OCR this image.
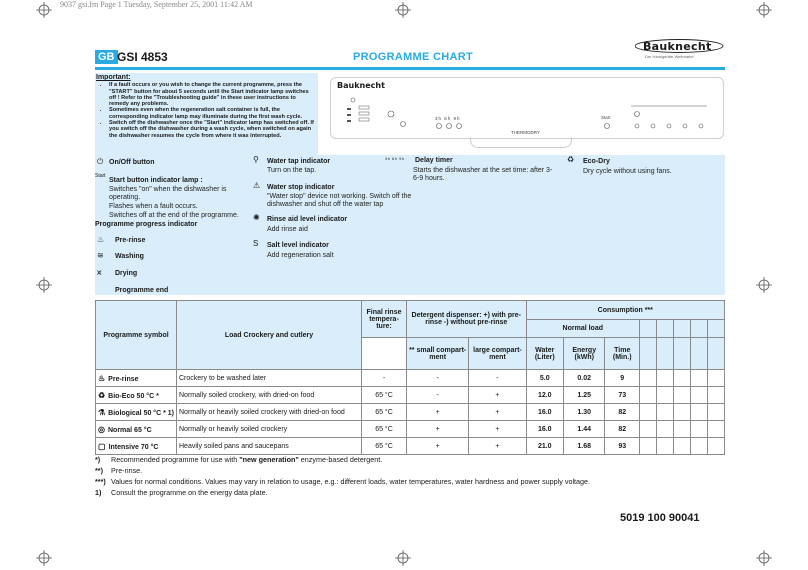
9037 gsi.fm Page 1 Tuesday, September 25, 2001 11:42 AM
GB GSI 4853	PROGRAMME CHART
Bauknecht
Der Hausgeräte-Weltmarke
Important:
• If a fault occurs or you wish to change the current programme, press the "START" button for about 5 seconds until the Start indicator lamp switches off ! Refer to the "Troubleshooting guide" in these user instructions to remedy any problems.
• Sometimes even when the regeneration salt container is full, the corresponding indicator lamp may illuminate during the first wash cycle.
• Switch off the dishwasher once the "Start" indicator lamp has switched off. If you switch off the dishwasher during a wash cycle, when switched on again the dishwasher resumes the cycle from where it was interrupted.
Bauknecht
3h 6h 9h	Start
THERMODRY
⏻ On/Off button
Start
Start button indicator lamp :
Switches "on" when the dishwasher is operating.
Flashes when a fault occurs.
Switches off at the end of the programme.
Programme progress indicator
♨ Pre-rinse
≋ Washing
⩙ Drying
Programme end
⚲ Water tap indicator
Turn on the tap.
⚠ Water stop indicator
"Water stop" device not working. Switch off the dishwasher and shut off the water tap
✺ Rinse aid level indicator
Add rinse aid
S Salt level indicator
Add regeneration salt
3h 6h 9h Delay timer
Starts the dishwasher at the set time: after 3-6-9 hours.
♻ Eco-Dry
Dry cycle without using fans.
Programme symbol	Load Crockery and cutlery	Final rinse tempera- ture:	Detergent dispenser: +) with pre-rinse -) without pre-rinse		Consumption ***							
					Normal load							
			** small compart- ment	large compart- ment	Water (Liter)	Energy (kWh)	Time (Min.)					
♨ Pre-rinse	Crockery to be washed later	-	-	-	5.0	0.02	9					
♻ Bio-Eco 50 °C *	Normally soiled crockery, with dried-on food	65 °C	-	+	12.0	1.25	73					
⚗ Biological 50 °C * 1)	Normally or heavily soiled crockery with dried-on food	65 °C	+	+	16.0	1.30	82					
◎ Normal 65 °C	Normally or heavily soiled crockery	65 °C	+	+	16.0	1.44	82					
▢ Intensive 70 °C	Heavily soiled pans and saucepans	65 °C	+	+	21.0	1.68	93					
*) Recommended programme for use with "new generation" enzyme-based detergent.
**) Pre-rinse.
***) Values for normal conditions. Values may vary in relation to usage, e.g.: different loads, water temperatures, water hardness and power supply voltage.
1) Consult the programme on the energy data plate.
5019 100 90041
